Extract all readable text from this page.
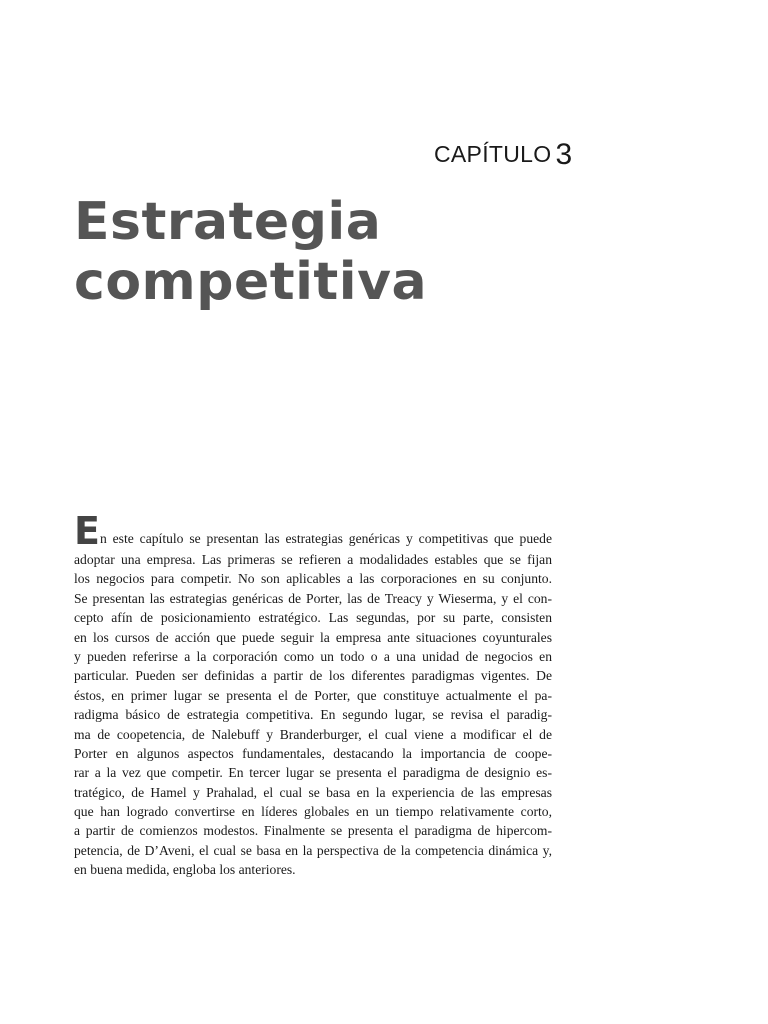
CAPÍTULO 3
Estrategia
competitiva
E n este capítulo se presentan las estrategias genéricas y competitivas que puede
adoptar una empresa. Las primeras se refieren a modalidades estables que se fijan
los negocios para competir. No son aplicables a las corporaciones en su conjunto.
Se presentan las estrategias genéricas de Porter, las de Treacy y Wieserma, y el con-
cepto afín de posicionamiento estratégico. Las segundas, por su parte, consisten
en los cursos de acción que puede seguir la empresa ante situaciones coyunturales
y pueden referirse a la corporación como un todo o a una unidad de negocios en
particular. Pueden ser definidas a partir de los diferentes paradigmas vigentes. De
éstos, en primer lugar se presenta el de Porter, que constituye actualmente el pa-
radigma básico de estrategia competitiva. En segundo lugar, se revisa el paradig-
ma de coopetencia, de Nalebuff y Branderburger, el cual viene a modificar el de
Porter en algunos aspectos fundamentales, destacando la importancia de coope-
rar a la vez que competir. En tercer lugar se presenta el paradigma de designio es-
tratégico, de Hamel y Prahalad, el cual se basa en la experiencia de las empresas
que han logrado convertirse en líderes globales en un tiempo relativamente corto,
a partir de comienzos modestos. Finalmente se presenta el paradigma de hipercom-
petencia, de D’Aveni, el cual se basa en la perspectiva de la competencia dinámica y,
en buena medida, engloba los anteriores.
